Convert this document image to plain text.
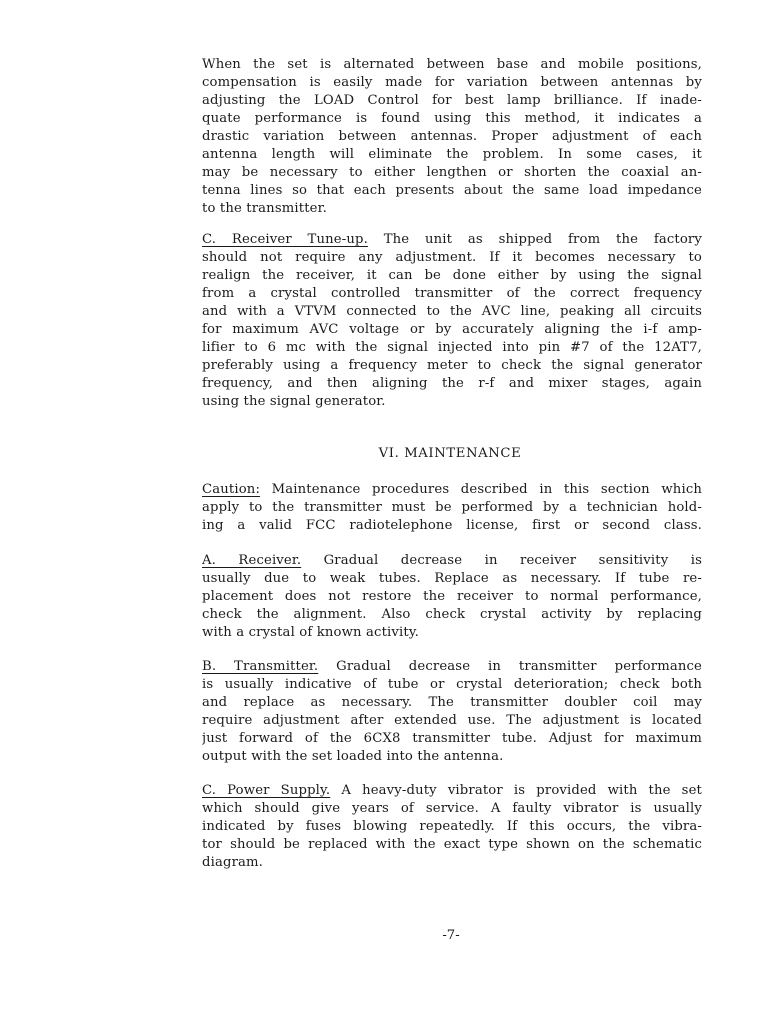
When the set is alternated between base and mobile positions,
compensation is easily made for variation between antennas by
adjusting the LOAD Control for best lamp brilliance. If inade-
quate performance is found using this method, it indicates a
drastic variation between antennas. Proper adjustment of each
antenna length will eliminate the problem. In some cases, it
may be necessary to either lengthen or shorten the coaxial an-
tenna lines so that each presents about the same load impedance
to the transmitter.
C. Receiver Tune-up. The unit as shipped from the factory
should not require any adjustment. If it becomes necessary to
realign the receiver, it can be done either by using the signal
from a crystal controlled transmitter of the correct frequency
and with a VTVM connected to the AVC line, peaking all circuits
for maximum AVC voltage or by accurately aligning the i-f amp-
lifier to 6 mc with the signal injected into pin #7 of the 12AT7,
preferably using a frequency meter to check the signal generator
frequency, and then aligning the r-f and mixer stages, again
using the signal generator.
VI. MAINTENANCE
Caution: Maintenance procedures described in this section which
apply to the transmitter must be performed by a technician hold-
ing a valid FCC radiotelephone license, first or second class.
A. Receiver. Gradual decrease in receiver sensitivity is
usually due to weak tubes. Replace as necessary. If tube re-
placement does not restore the receiver to normal performance,
check the alignment. Also check crystal activity by replacing
with a crystal of known activity.
B. Transmitter. Gradual decrease in transmitter performance
is usually indicative of tube or crystal deterioration; check both
and replace as necessary. The transmitter doubler coil may
require adjustment after extended use. The adjustment is located
just forward of the 6CX8 transmitter tube. Adjust for maximum
output with the set loaded into the antenna.
C. Power Supply. A heavy-duty vibrator is provided with the set
which should give years of service. A faulty vibrator is usually
indicated by fuses blowing repeatedly. If this occurs, the vibra-
tor should be replaced with the exact type shown on the schematic
diagram.
-7-
